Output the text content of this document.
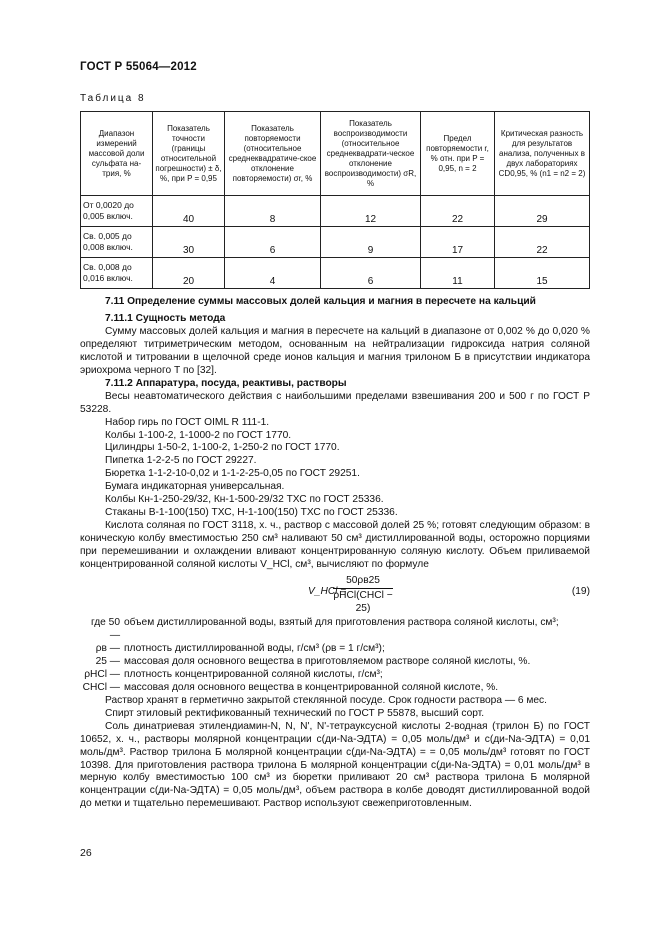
ГОСТ Р 55064—2012
Таблица 8
Диапазон измерений массовой доли сульфата на-трия, %	Показатель точности (границы относительной погрешности) ± δ, %, при P = 0,95	Показатель повторяемости (относительное среднеквадратиче-ское отклонение повторяемости) σr, %	Показатель воспроизводимости (относительное среднеквадрати-ческое отклонение воспроизводимости) σR, %	Предел повторяемости r, % отн. при P = 0,95, n = 2	Критическая разность для результатов анализа, полученных в двух лабораториях CD0,95, % (n1 = n2 = 2)
От 0,0020 до 0,005 включ.	40	8	12	22	29
Св. 0,005 до 0,008 включ.	30	6	9	17	22
Св. 0,008 до 0,016 включ.	20	4	6	11	15

7.11 Определение суммы массовых долей кальция и магния в пересчете на кальций

7.11.1 Сущность метода

Сумму массовых долей кальция и магния в пересчете на кальций в диапазоне от 0,002 % до 0,020 % определяют титриметрическим методом, основанным на нейтрализации гидроксида натрия соляной кислотой и титровании в щелочной среде ионов кальция и магния трилоном Б в присутствии индикатора эриохрома черного Т по [32].

7.11.2 Аппаратура, посуда, реактивы, растворы

Весы неавтоматического действия с наибольшими пределами взвешивания 200 и 500 г по ГОСТ Р 53228.

Набор гирь по ГОСТ OIML R 111-1.

Колбы 1-100-2, 1-1000-2 по ГОСТ 1770.

Цилиндры 1-50-2, 1-100-2, 1-250-2 по ГОСТ 1770.

Пипетка 1-2-2-5 по ГОСТ 29227.

Бюретка 1-1-2-10-0,02 и 1-1-2-25-0,05 по ГОСТ 29251.

Бумага индикаторная универсальная.

Колбы Кн-1-250-29/32, Кн-1-500-29/32 ТХС по ГОСТ 25336.

Стаканы В-1-100(150) ТХС, Н-1-100(150) ТХС по ГОСТ 25336.

Кислота соляная по ГОСТ 3118, х. ч., раствор с массовой долей 25 %; готовят следующим образом: в коническую колбу вместимостью 250 см³ наливают 50 см³ дистиллированной воды, осторожно порциями при перемешивании и охлаждении вливают концентрированную соляную кислоту. Объем приливаемой концентрированной соляной кислоты V_HCl, см³, вычисляют по формуле

V_HCl =
50ρв25
ρHCl(CHCl − 25)
(19)
где 50 —
объем дистиллированной воды, взятый для приготовления раствора соляной кислоты, см³;
ρв — плотность дистиллированной воды, г/см³ (ρв = 1 г/см³);
25 — массовая доля основного вещества в приготовляемом растворе соляной кислоты, %.
ρHCl — плотность концентрированной соляной кислоты, г/см³;
CHCl — массовая доля основного вещества в концентрированной соляной кислоте, %.

Раствор хранят в герметично закрытой стеклянной посуде. Срок годности раствора — 6 мес.

Спирт этиловый ректификованный технический по ГОСТ Р 55878, высший сорт.

Соль динатриевая этилендиамин-N, N, N', N'-тетрауксусной кислоты 2-водная (трилон Б) по ГОСТ 10652, х. ч., растворы молярной концентрации c(ди-Na-ЭДТА) = 0,05 моль/дм³ и c(ди-Na-ЭДТА) = 0,01 моль/дм³. Раствор трилона Б молярной концентрации c(ди-Na-ЭДТА) = = 0,05 моль/дм³ готовят по ГОСТ 10398. Для приготовления раствора трилона Б молярной концентрации c(ди-Na-ЭДТА) = 0,01 моль/дм³ в мерную колбу вместимостью 100 см³ из бюретки приливают 20 см³ раствора трилона Б молярной концентрации c(ди-Na-ЭДТА) = 0,05 моль/дм³, объем раствора в колбе доводят дистиллированной водой до метки и тщательно перемешивают. Раствор используют свежеприготовленным.

26
